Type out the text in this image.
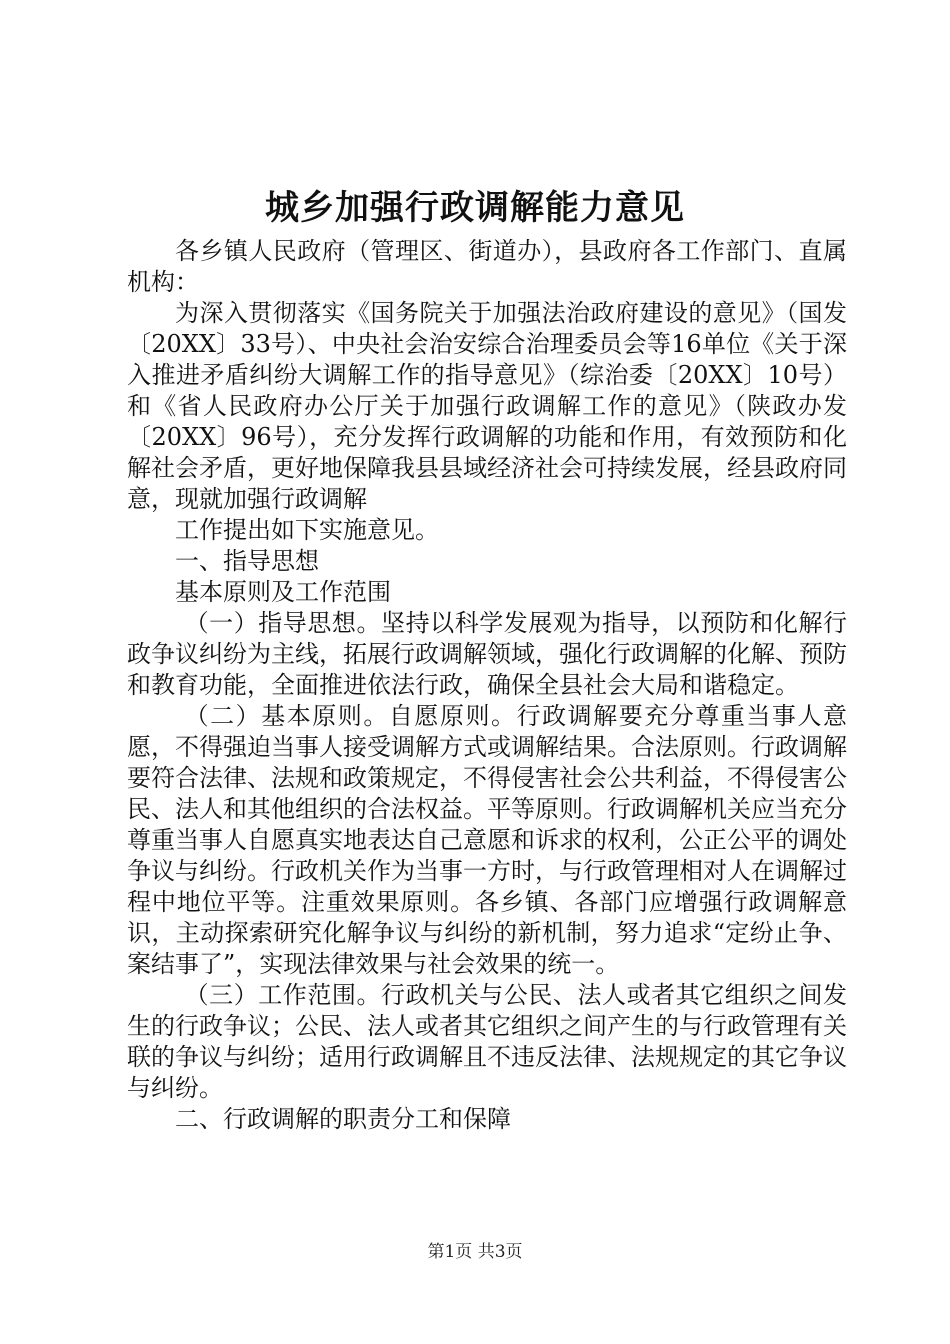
城乡加强行政调解能力意见

各乡镇人民政府（管理区、街道办），县政府各工作部门、直属机构：

为深入贯彻落实《国务院关于加强法治政府建设的意见》（国发〔20XX〕33号）、中央社会治安综合治理委员会等16单位《关于深入推进矛盾纠纷大调解工作的指导意见》（综治委〔20XX〕10号）和《省人民政府办公厅关于加强行政调解工作的意见》（陕政办发〔20XX〕96号），充分发挥行政调解的功能和作用，有效预防和化解社会矛盾，更好地保障我县县域经济社会可持续发展，经县政府同意，现就加强行政调解

工作提出如下实施意见。

一、指导思想

基本原则及工作范围

（一）指导思想。坚持以科学发展观为指导，以预防和化解行政争议纠纷为主线，拓展行政调解领域，强化行政调解的化解、预防和教育功能，全面推进依法行政，确保全县社会大局和谐稳定。

（二）基本原则。自愿原则。行政调解要充分尊重当事人意愿，不得强迫当事人接受调解方式或调解结果。合法原则。行政调解要符合法律、法规和政策规定，不得侵害社会公共利益，不得侵害公民、法人和其他组织的合法权益。平等原则。行政调解机关应当充分尊重当事人自愿真实地表达自己意愿和诉求的权利，公正公平的调处争议与纠纷。行政机关作为当事一方时，与行政管理相对人在调解过程中地位平等。注重效果原则。各乡镇、各部门应增强行政调解意识，主动探索研究化解争议与纠纷的新机制，努力追求“定纷止争、案结事了”，实现法律效果与社会效果的统一。

（三）工作范围。行政机关与公民、法人或者其它组织之间发生的行政争议；公民、法人或者其它组织之间产生的与行政管理有关联的争议与纠纷；适用行政调解且不违反法律、法规规定的其它争议与纠纷。

二、行政调解的职责分工和保障

第1页 共3页
